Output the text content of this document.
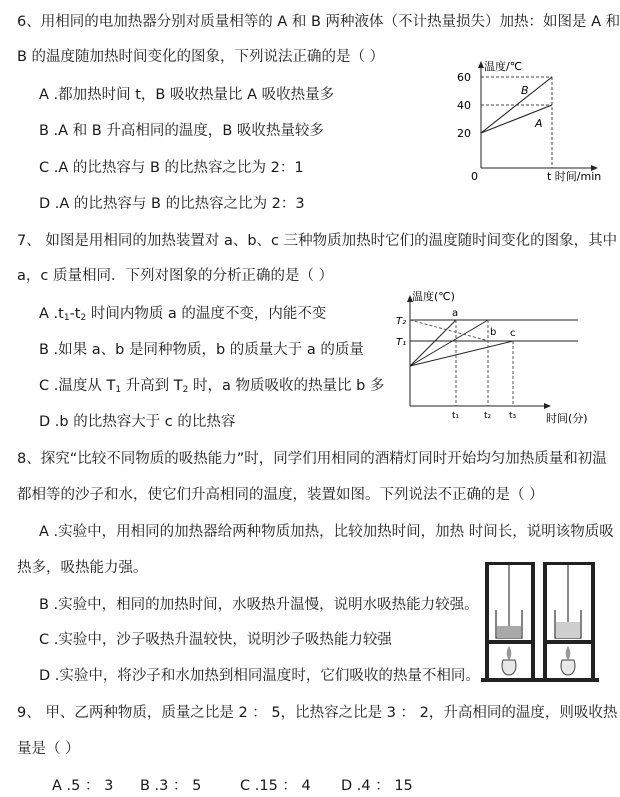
6、用相同的电加热器分别对质量相等的 A 和 B 两种液体（不计热量损失）加热：如图是 A 和
B 的温度随加热时间变化的图象，下列说法正确的是（ ）
A .都加热时间 t，B 吸收热量比 A 吸收热量多
B .A 和 B 升高相同的温度，B 吸收热量较多
C .A 的比热容与 B 的比热容之比为 2：1
D .A 的比热容与 B 的比热容之比为 2：3
温度/℃
60
40
20
0	t 时间/min
B
A
7、 如图是用相同的加热装置对 a、b、c 三种物质加热时它们的温度随时间变化的图象，其中
a，c 质量相同．下列对图象的分析正确的是（ ）
A $.t_1-t_2$ 时间内物质 a 的温度不变，内能不变
B .如果 a、b 是同种物质，b 的质量大于 a 的质量
C .温度从 $T_1$ 升高到 $T_2$ 时，a 物质吸收的热量比 b 多
D .b 的比热容大于 c 的比热容
温度(℃)
T₂
T₁
a
b c
t₁	t₂ t₃	时间(分)
8、探究“比较不同物质的吸热能力”时，同学们用相同的酒精灯同时开始均匀加热质量和初温
都相等的沙子和水，使它们升高相同的温度，装置如图。下列说法不正确的是（ ）
A .实验中，用相同的加热器给两种物质加热，比较加热时间，加热 时间长，说明该物质吸
热多，吸热能力强。
B .实验中，相同的加热时间，水吸热升温慢，说明水吸热能力较强。
C .实验中，沙子吸热升温较快，说明沙子吸热能力较强
D .实验中，将沙子和水加热到相同温度时，它们吸收的热量不相同。
9、 甲、乙两种物质，质量之比是 2 ： 5，比热容之比是 3 ： 2，升高相同的温度，则吸收热
量是（ ）
A .5 ： 3 B .3 ： 5	C .15 ： 4 D .4 ： 15
